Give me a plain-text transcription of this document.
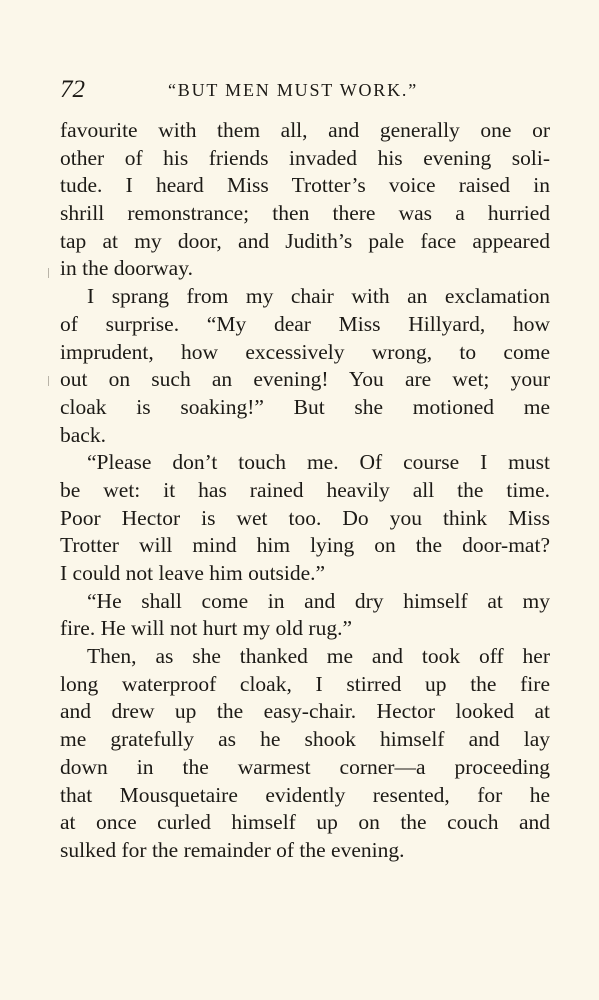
72	“BUT MEN MUST WORK.”
favourite with them all, and generally one or
other of his friends invaded his evening soli-
tude. I heard Miss Trotter’s voice raised in
shrill remonstrance; then there was a hurried
tap at my door, and Judith’s pale face appeared
in the doorway.
I sprang from my chair with an exclamation
of surprise. “My dear Miss Hillyard, how
imprudent, how excessively wrong, to come
out on such an evening! You are wet; your
cloak is soaking!” But she motioned me
back.
“Please don’t touch me. Of course I must
be wet: it has rained heavily all the time.
Poor Hector is wet too. Do you think Miss
Trotter will mind him lying on the door-mat?
I could not leave him outside.”
“He shall come in and dry himself at my
fire. He will not hurt my old rug.”
Then, as she thanked me and took off her
long waterproof cloak, I stirred up the fire
and drew up the easy-chair. Hector looked at
me gratefully as he shook himself and lay
down in the warmest corner—a proceeding
that Mousquetaire evidently resented, for he
at once curled himself up on the couch and
sulked for the remainder of the evening.
